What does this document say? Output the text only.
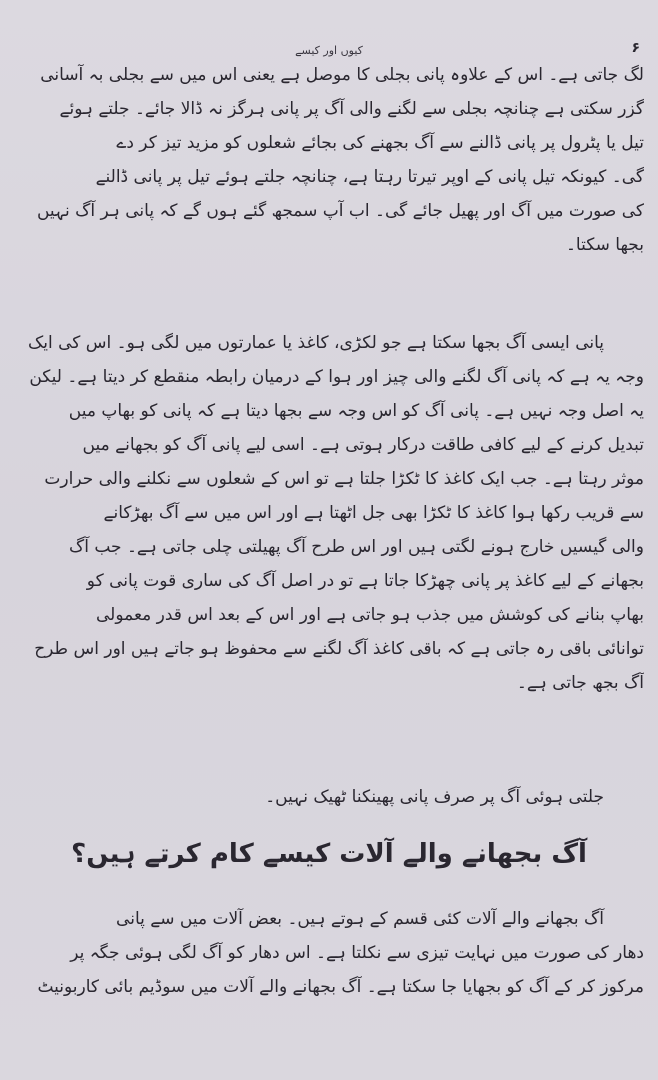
کیوں اور کیسے	۶
لگ جاتی ہے۔ اس کے علاوہ پانی بجلی کا موصل ہے یعنی اس میں سے بجلی بہ آسانی
گزر سکتی ہے چنانچہ بجلی سے لگنے والی آگ پر پانی ہرگز نہ ڈالا جائے۔ جلتے ہوئے
تیل یا پٹرول پر پانی ڈالنے سے آگ بجھنے کی بجائے شعلوں کو مزید تیز کر دے
گی۔ کیونکہ تیل پانی کے اوپر تیرتا رہتا ہے، چنانچہ جلتے ہوئے تیل پر پانی ڈالنے
کی صورت میں آگ اور پھیل جائے گی۔ اب آپ سمجھ گئے ہوں گے کہ پانی ہر آگ نہیں
بجھا سکتا۔
پانی ایسی آگ بجھا سکتا ہے جو لکڑی، کاغذ یا عمارتوں میں لگی ہو۔ اس کی ایک
وجہ یہ ہے کہ پانی آگ لگنے والی چیز اور ہوا کے درمیان رابطہ منقطع کر دیتا ہے۔ لیکن
یہ اصل وجہ نہیں ہے۔ پانی آگ کو اس وجہ سے بجھا دیتا ہے کہ پانی کو بھاپ میں
تبدیل کرنے کے لیے کافی طاقت درکار ہوتی ہے۔ اسی لیے پانی آگ کو بجھانے میں
موثر رہتا ہے۔ جب ایک کاغذ کا ٹکڑا جلتا ہے تو اس کے شعلوں سے نکلنے والی حرارت
سے قریب رکھا ہوا کاغذ کا ٹکڑا بھی جل اٹھتا ہے اور اس میں سے آگ بھڑکانے
والی گیسیں خارج ہونے لگتی ہیں اور اس طرح آگ پھیلتی چلی جاتی ہے۔ جب آگ
بجھانے کے لیے کاغذ پر پانی چھڑکا جاتا ہے تو در اصل آگ کی ساری قوت پانی کو
بھاپ بنانے کی کوشش میں جذب ہو جاتی ہے اور اس کے بعد اس قدر معمولی
توانائی باقی رہ جاتی ہے کہ باقی کاغذ آگ لگنے سے محفوظ ہو جاتے ہیں اور اس طرح
آگ بجھ جاتی ہے۔
جلتی ہوئی آگ پر صرف پانی پھینکنا ٹھیک نہیں۔
آگ بجھانے والے آلات کیسے کام کرتے ہیں؟
آگ بجھانے والے آلات کئی قسم کے ہوتے ہیں۔ بعض آلات میں سے پانی
دھار کی صورت میں نہایت تیزی سے نکلتا ہے۔ اس دھار کو آگ لگی ہوئی جگہ پر
مرکوز کر کے آگ کو بجھایا جا سکتا ہے۔ آگ بجھانے والے آلات میں سوڈیم بائی کاربونیٹ
